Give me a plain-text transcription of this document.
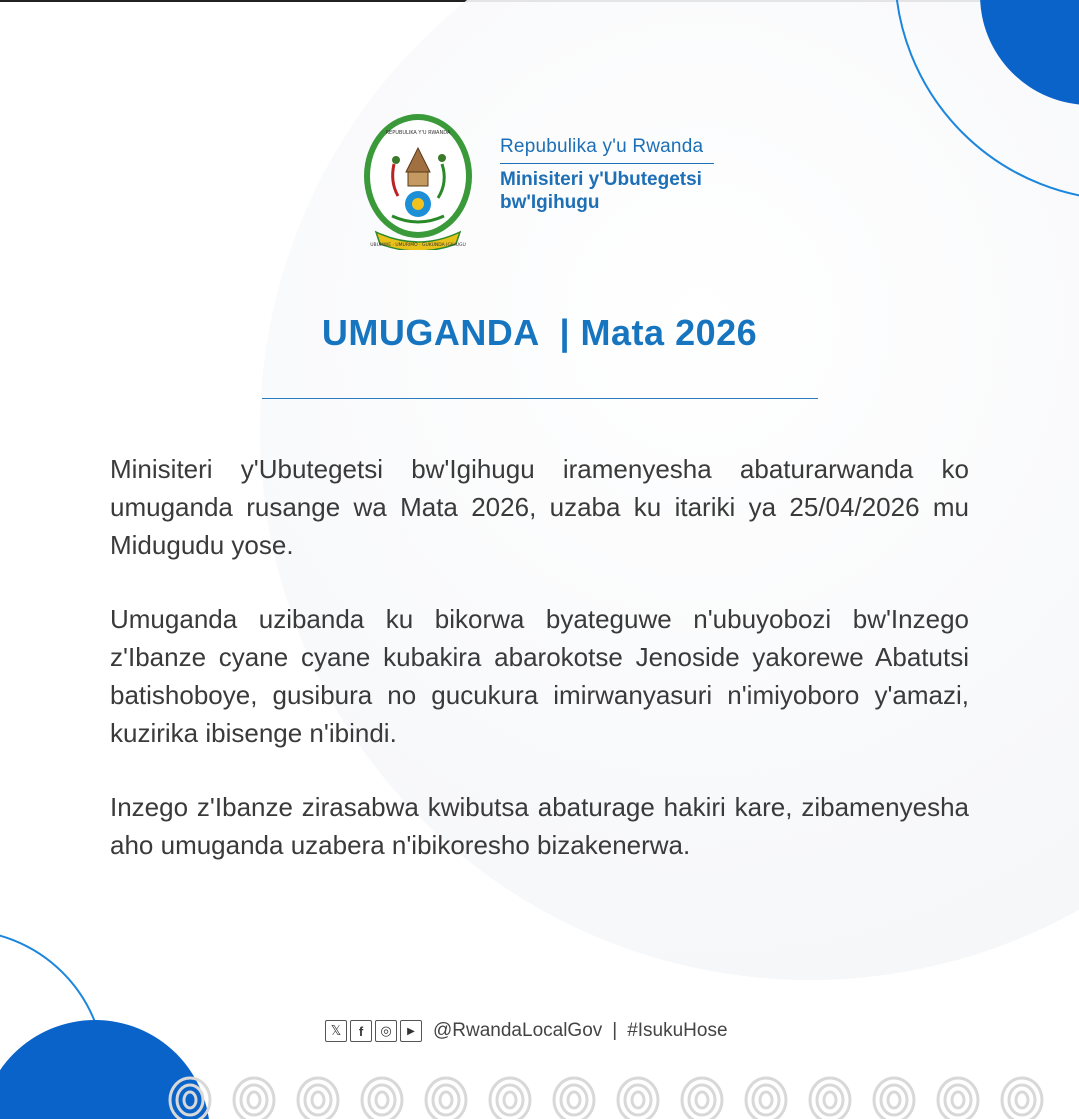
REPUBULIKA Y'U RWANDA
UBUMWE · UMURIMO · GUKUNDA IGIHUGU
Repubulika y'u Rwanda
Minisiteri y'Ubutegetsi
bw'Igihugu
UMUGANDA  | Mata 2026

Minisiteri y'Ubutegetsi bw'Igihugu iramenyesha abaturarwanda ko umuganda rusange wa Mata 2026, uzaba ku itariki ya 25/04/2026 mu Midugudu yose.

Umuganda uzibanda ku bikorwa byateguwe n'ubuyobozi bw'Inzego z'Ibanze cyane cyane kubakira abarokotse Jenoside yakorewe Abatutsi batishoboye, gusibura no gucukura imirwanyasuri n'imiyoboro y'amazi, kuzirika ibisenge n'ibindi.

Inzego z'Ibanze zirasabwa kwibutsa abaturage hakiri kare, zibamenyesha aho umuganda uzabera n'ibikoresho bizakenerwa.

𝕏	f	◎	▶ @RwandaLocalGov | #IsukuHose
